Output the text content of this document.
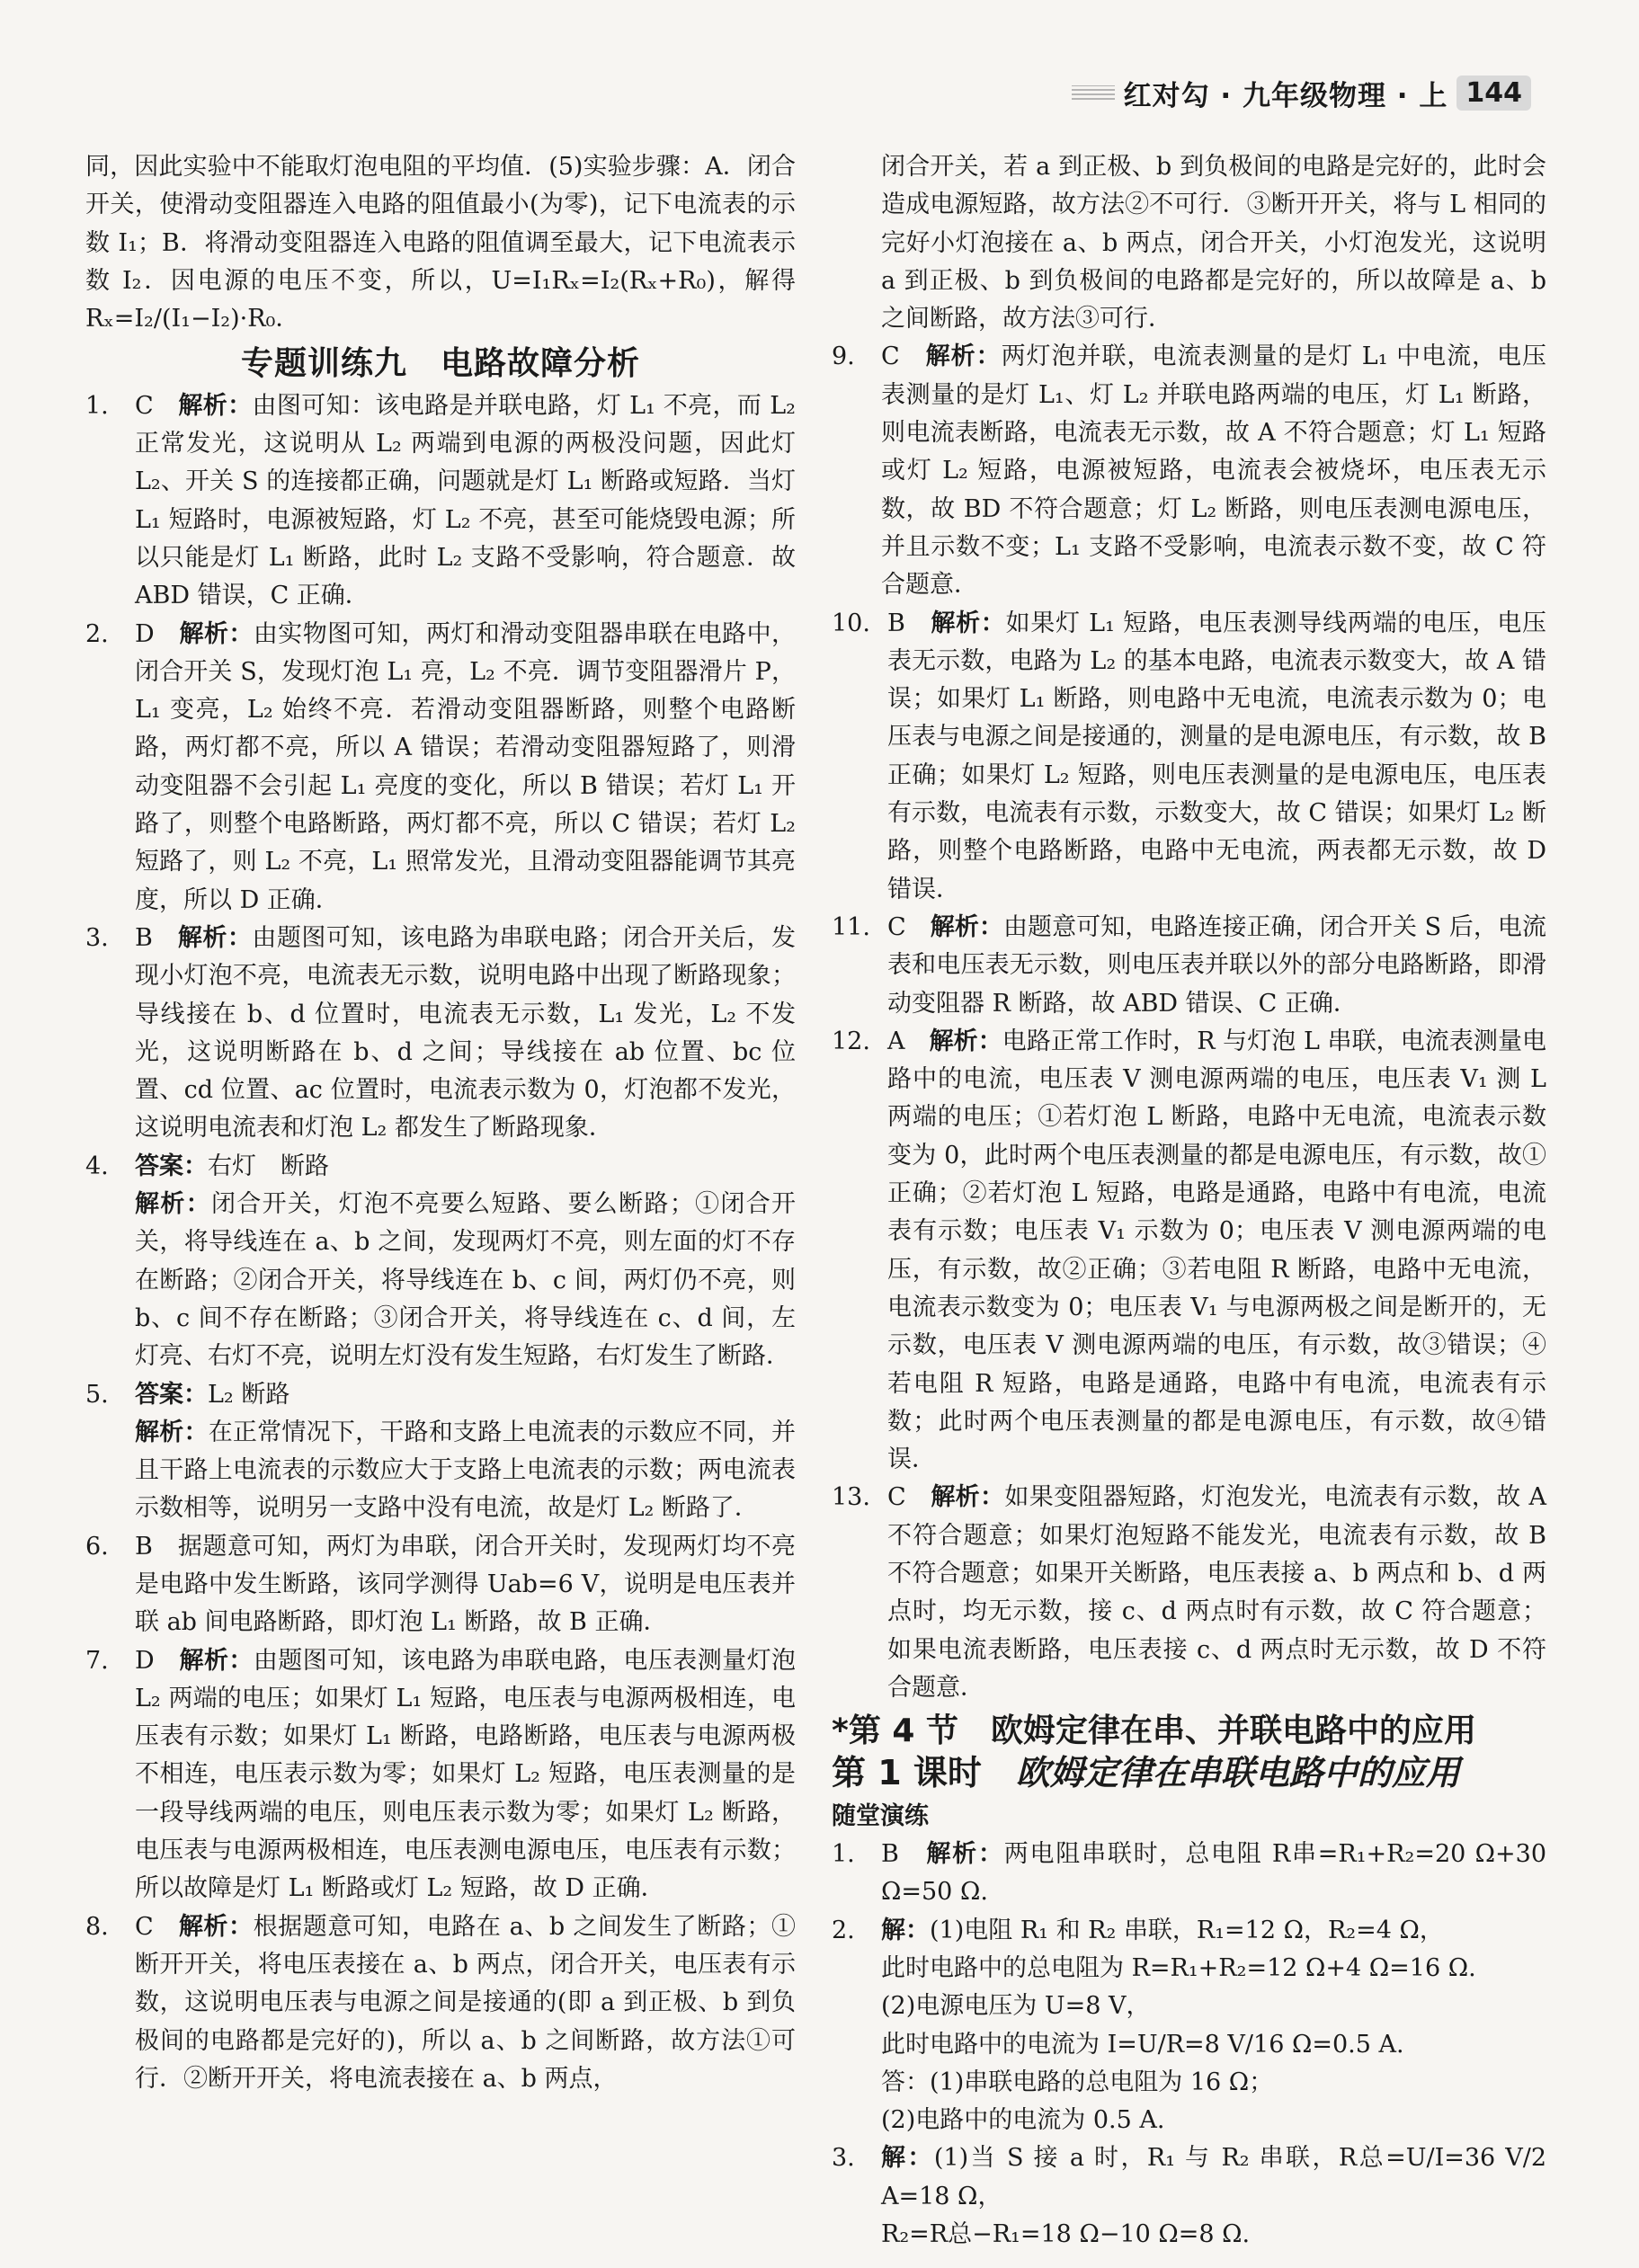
红对勾 · 九年级物理 · 上 144
同，因此实验中不能取灯泡电阻的平均值．(5)实验步骤：A．闭合开关，使滑动变阻器连入电路的阻值最小(为零)，记下电流表的示数 I₁；B．将滑动变阻器连入电路的阻值调至最大，记下电流表示数 I₂．因电源的电压不变，所以，U=I₁Rₓ=I₂(Rₓ+R₀)，解得 Rₓ=I₂/(I₁−I₂)·R₀．
专题训练九　电路故障分析
1.	C　解析：由图可知：该电路是并联电路，灯 L₁ 不亮，而 L₂ 正常发光，这说明从 L₂ 两端到电源的两极没问题，因此灯 L₂、开关 S 的连接都正确，问题就是灯 L₁ 断路或短路．当灯 L₁ 短路时，电源被短路，灯 L₂ 不亮，甚至可能烧毁电源；所以只能是灯 L₁ 断路，此时 L₂ 支路不受影响，符合题意．故 ABD 错误，C 正确．
2.	D　解析：由实物图可知，两灯和滑动变阻器串联在电路中，闭合开关 S，发现灯泡 L₁ 亮，L₂ 不亮．调节变阻器滑片 P，L₁ 变亮，L₂ 始终不亮．若滑动变阻器断路，则整个电路断路，两灯都不亮，所以 A 错误；若滑动变阻器短路了，则滑动变阻器不会引起 L₁ 亮度的变化，所以 B 错误；若灯 L₁ 开路了，则整个电路断路，两灯都不亮，所以 C 错误；若灯 L₂ 短路了，则 L₂ 不亮，L₁ 照常发光，且滑动变阻器能调节其亮度，所以 D 正确．
3.	B　解析：由题图可知，该电路为串联电路；闭合开关后，发现小灯泡不亮，电流表无示数，说明电路中出现了断路现象；导线接在 b、d 位置时，电流表无示数，L₁ 发光，L₂ 不发光，这说明断路在 b、d 之间；导线接在 ab 位置、bc 位置、cd 位置、ac 位置时，电流表示数为 0，灯泡都不发光，这说明电流表和灯泡 L₂ 都发生了断路现象．
4.	答案：右灯　断路
解析：闭合开关，灯泡不亮要么短路、要么断路；①闭合开关，将导线连在 a、b 之间，发现两灯不亮，则左面的灯不存在断路；②闭合开关，将导线连在 b、c 间，两灯仍不亮，则 b、c 间不存在断路；③闭合开关，将导线连在 c、d 间，左灯亮、右灯不亮，说明左灯没有发生短路，右灯发生了断路．
5.	答案：L₂ 断路
解析：在正常情况下，干路和支路上电流表的示数应不同，并且干路上电流表的示数应大于支路上电流表的示数；两电流表示数相等，说明另一支路中没有电流，故是灯 L₂ 断路了．
6.	B　据题意可知，两灯为串联，闭合开关时，发现两灯均不亮是电路中发生断路，该同学测得 Uab=6 V，说明是电压表并联 ab 间电路断路，即灯泡 L₁ 断路，故 B 正确．
7.	D　解析：由题图可知，该电路为串联电路，电压表测量灯泡 L₂ 两端的电压；如果灯 L₁ 短路，电压表与电源两极相连，电压表有示数；如果灯 L₁ 断路，电路断路，电压表与电源两极不相连，电压表示数为零；如果灯 L₂ 短路，电压表测量的是一段导线两端的电压，则电压表示数为零；如果灯 L₂ 断路，电压表与电源两极相连，电压表测电源电压，电压表有示数；所以故障是灯 L₁ 断路或灯 L₂ 短路，故 D 正确．
8.	C　解析：根据题意可知，电路在 a、b 之间发生了断路；①断开开关，将电压表接在 a、b 两点，闭合开关，电压表有示数，这说明电压表与电源之间是接通的(即 a 到正极、b 到负极间的电路都是完好的)，所以 a、b 之间断路，故方法①可行．②断开开关，将电流表接在 a、b 两点，
闭合开关，若 a 到正极、b 到负极间的电路是完好的，此时会造成电源短路，故方法②不可行．③断开开关，将与 L 相同的完好小灯泡接在 a、b 两点，闭合开关，小灯泡发光，这说明 a 到正极、b 到负极间的电路都是完好的，所以故障是 a、b 之间断路，故方法③可行．
9.	C　解析：两灯泡并联，电流表测量的是灯 L₁ 中电流，电压表测量的是灯 L₁、灯 L₂ 并联电路两端的电压，灯 L₁ 断路，则电流表断路，电流表无示数，故 A 不符合题意；灯 L₁ 短路或灯 L₂ 短路，电源被短路，电流表会被烧坏，电压表无示数，故 BD 不符合题意；灯 L₂ 断路，则电压表测电源电压，并且示数不变；L₁ 支路不受影响，电流表示数不变，故 C 符合题意．
10. B　解析：如果灯 L₁ 短路，电压表测导线两端的电压，电压表无示数，电路为 L₂ 的基本电路，电流表示数变大，故 A 错误；如果灯 L₁ 断路，则电路中无电流，电流表示数为 0；电压表与电源之间是接通的，测量的是电源电压，有示数，故 B 正确；如果灯 L₂ 短路，则电压表测量的是电源电压，电压表有示数，电流表有示数，示数变大，故 C 错误；如果灯 L₂ 断路，则整个电路断路，电路中无电流，两表都无示数，故 D 错误．
11. C　解析：由题意可知，电路连接正确，闭合开关 S 后，电流表和电压表无示数，则电压表并联以外的部分电路断路，即滑动变阻器 R 断路，故 ABD 错误、C 正确．
12. A　解析：电路正常工作时，R 与灯泡 L 串联，电流表测量电路中的电流，电压表 V 测电源两端的电压，电压表 V₁ 测 L 两端的电压；①若灯泡 L 断路，电路中无电流，电流表示数变为 0，此时两个电压表测量的都是电源电压，有示数，故①正确；②若灯泡 L 短路，电路是通路，电路中有电流，电流表有示数；电压表 V₁ 示数为 0；电压表 V 测电源两端的电压，有示数，故②正确；③若电阻 R 断路，电路中无电流，电流表示数变为 0；电压表 V₁ 与电源两极之间是断开的，无示数，电压表 V 测电源两端的电压，有示数，故③错误；④若电阻 R 短路，电路是通路，电路中有电流，电流表有示数；此时两个电压表测量的都是电源电压，有示数，故④错误．
13. C　解析：如果变阻器短路，灯泡发光，电流表有示数，故 A 不符合题意；如果灯泡短路不能发光，电流表有示数，故 B 不符合题意；如果开关断路，电压表接 a、b 两点和 b、d 两点时，均无示数，接 c、d 两点时有示数，故 C 符合题意；如果电流表断路，电压表接 c、d 两点时无示数，故 D 不符合题意．
*第 4 节　欧姆定律在串、并联电路中的应用
第 1 课时　欧姆定律在串联电路中的应用
随堂演练
1.	B　解析：两电阻串联时，总电阻 R串=R₁+R₂=20 Ω+30 Ω=50 Ω.
2.	解：(1)电阻 R₁ 和 R₂ 串联，R₁=12 Ω，R₂=4 Ω，
此时电路中的总电阻为 R=R₁+R₂=12 Ω+4 Ω=16 Ω.
(2)电源电压为 U=8 V，
此时电路中的电流为 I=U/R=8 V/16 Ω=0.5 A.
答：(1)串联电路的总电阻为 16 Ω；
(2)电路中的电流为 0.5 A.
3.	解：(1)当 S 接 a 时，R₁ 与 R₂ 串联，R总=U/I=36 V/2 A=18 Ω，
R₂=R总−R₁=18 Ω−10 Ω=8 Ω.
